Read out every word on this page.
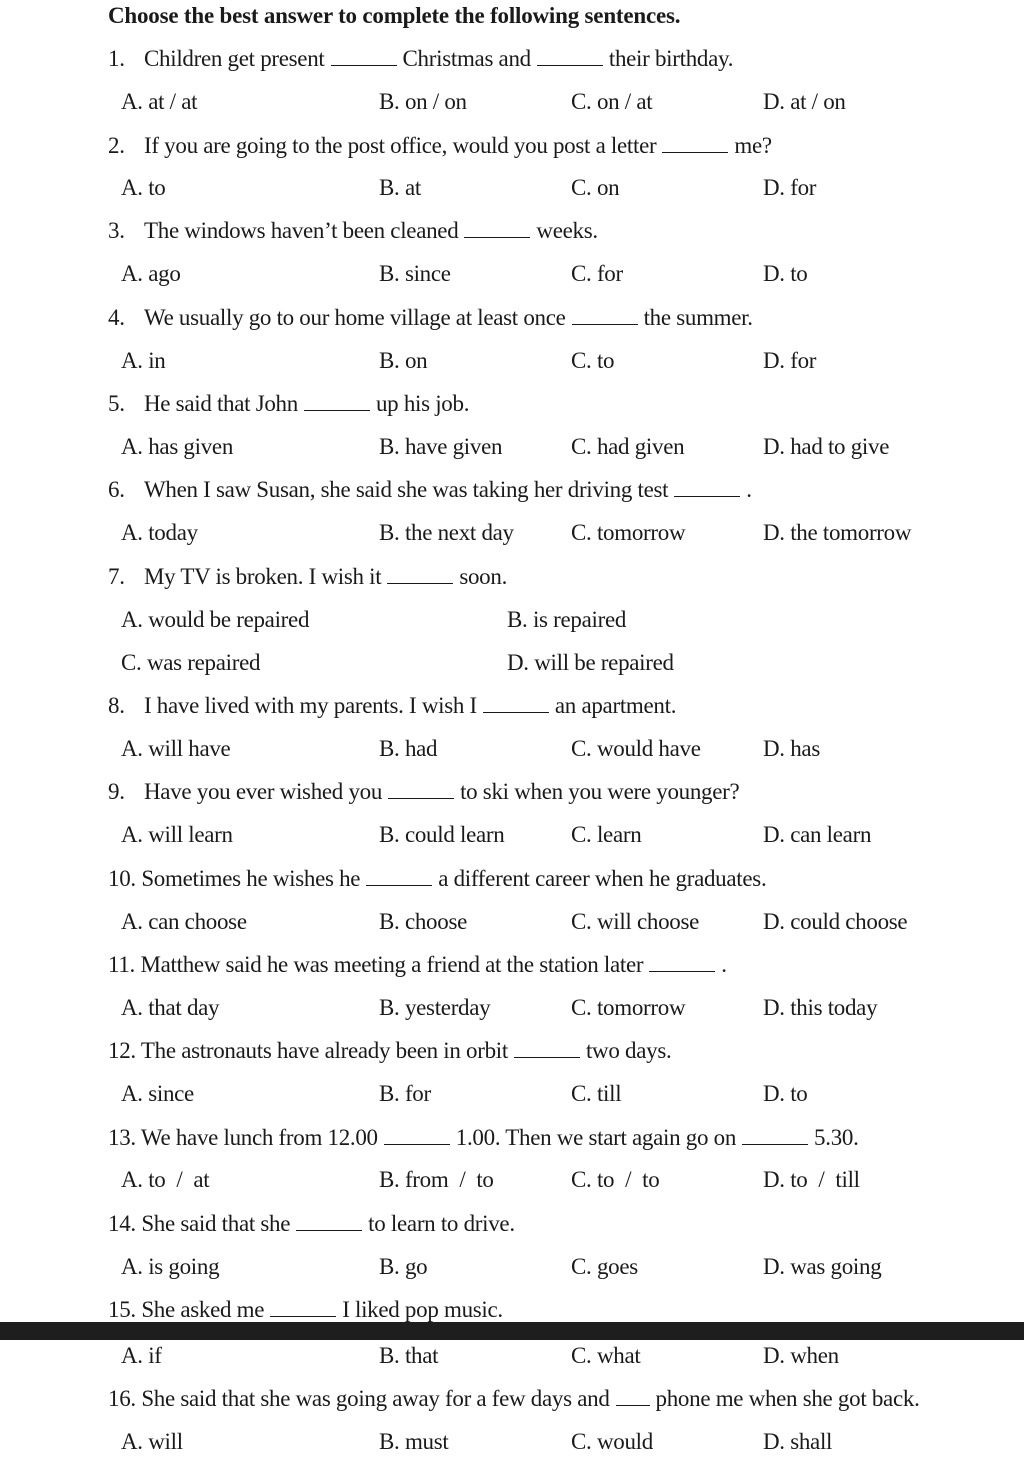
Choose the best answer to complete the following sentences.
1. Children get present	Christmas and	their birthday.
A. at / at	B. on / on	C. on / at	D. at / on
2. If you are going to the post office, would you post a letter	me?
A. to	B. at	C. on	D. for
3. The windows haven’t been cleaned	weeks.
A. ago	B. since	C. for	D. to
4. We usually go to our home village at least once	the summer.
A. in	B. on	C. to	D. for
5. He said that John	up his job.
A. has given	B. have given	C. had given	D. had to give
6. When I saw Susan, she said she was taking her driving test	.
A. today	B. the next day C. tomorrow	D. the tomorrow
7. My TV is broken. I wish it	soon.
A. would be repaired	B. is repaired
C. was repaired	D. will be repaired
8. I have lived with my parents. I wish I	an apartment.
A. will have	B. had	C. would have	D. has
9. Have you ever wished you	to ski when you were younger?
A. will learn	B. could learn	C. learn	D. can learn
10. Sometimes he wishes he	a different career when he graduates.
A. can choose	B. choose	C. will choose	D. could choose
11. Matthew said he was meeting a friend at the station later	.
A. that day	B. yesterday	C. tomorrow	D. this today
12. The astronauts have already been in orbit	two days.
A. since	B. for	C. till	D. to
13. We have lunch from 12.00	1.00. Then we start again go on	5.30.
A. to  /  at	B. from  /  to	C. to  /  to	D. to  /  till
14. She said that she	to learn to drive.
A. is going	B. go	C. goes	D. was going
15. She asked me	I liked pop music.
A. if	B. that	C. what	D. when
16. She said that she was going away for a few days and phone me when she got back.
A. will	B. must	C. would	D. shall
